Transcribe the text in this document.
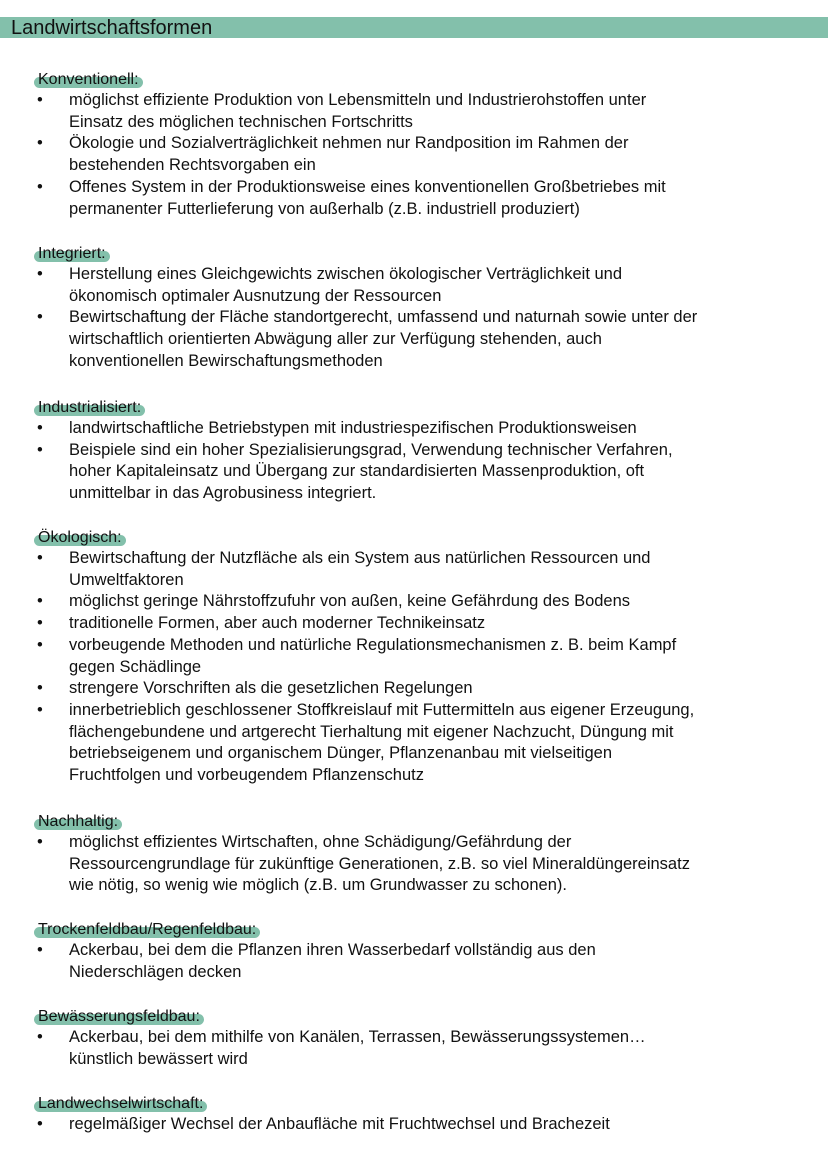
Landwirtschaftsformen
Konventionell:
• möglichst effiziente Produktion von Lebensmitteln und Industrierohstoffen unter
Einsatz des möglichen technischen Fortschritts
• Ökologie und Sozialverträglichkeit nehmen nur Randposition im Rahmen der
bestehenden Rechtsvorgaben ein
• Offenes System in der Produktionsweise eines konventionellen Großbetriebes mit
permanenter Futterlieferung von außerhalb (z.B. industriell produziert)
Integriert:
• Herstellung eines Gleichgewichts zwischen ökologischer Verträglichkeit und
ökonomisch optimaler Ausnutzung der Ressourcen
• Bewirtschaftung der Fläche standortgerecht, umfassend und naturnah sowie unter der
wirtschaftlich orientierten Abwägung aller zur Verfügung stehenden, auch
konventionellen Bewirschaftungsmethoden
Industrialisiert:
• landwirtschaftliche Betriebstypen mit industriespezifischen Produktionsweisen
• Beispiele sind ein hoher Spezialisierungsgrad, Verwendung technischer Verfahren,
hoher Kapitaleinsatz und Übergang zur standardisierten Massenproduktion, oft
unmittelbar in das Agrobusiness integriert.
Ökologisch:
• Bewirtschaftung der Nutzfläche als ein System aus natürlichen Ressourcen und
Umweltfaktoren
• möglichst geringe Nährstoffzufuhr von außen, keine Gefährdung des Bodens
• traditionelle Formen, aber auch moderner Technikeinsatz
• vorbeugende Methoden und natürliche Regulationsmechanismen z. B. beim Kampf
gegen Schädlinge
• strengere Vorschriften als die gesetzlichen Regelungen
• innerbetrieblich geschlossener Stoffkreislauf mit Futtermitteln aus eigener Erzeugung,
flächengebundene und artgerecht Tierhaltung mit eigener Nachzucht, Düngung mit
betriebseigenem und organischem Dünger, Pflanzenanbau mit vielseitigen
Fruchtfolgen und vorbeugendem Pflanzenschutz
Nachhaltig:
• möglichst effizientes Wirtschaften, ohne Schädigung/Gefährdung der
Ressourcengrundlage für zukünftige Generationen, z.B. so viel Mineraldüngereinsatz
wie nötig, so wenig wie möglich (z.B. um Grundwasser zu schonen).
Trockenfeldbau/Regenfeldbau:
• Ackerbau, bei dem die Pflanzen ihren Wasserbedarf vollständig aus den
Niederschlägen decken
Bewässerungsfeldbau:
• Ackerbau, bei dem mithilfe von Kanälen, Terrassen, Bewässerungssystemen…
künstlich bewässert wird
Landwechselwirtschaft:
• regelmäßiger Wechsel der Anbaufläche mit Fruchtwechsel und Brachezeit
